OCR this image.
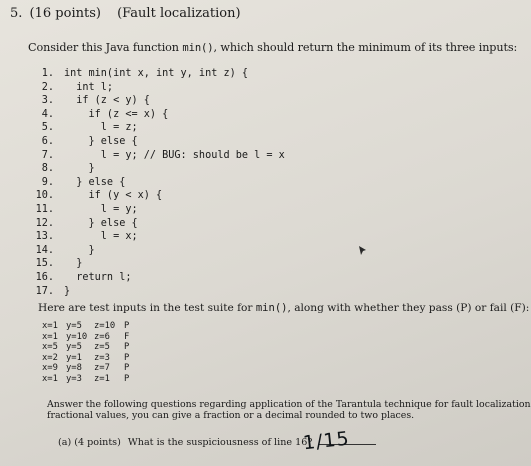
5. (16 points) (Fault localization)
Consider this Java function min(), which should return the minimum of its three inputs:
1. int min(int x, int y, int z) {
2. int l;
3. if (z < y) {
4. if (z <= x) {
5. l = z;
6. } else {
7. l = y; // BUG: should be l = x
8. }
9. } else {
10. if (y < x) {
11. l = y;
12. } else {
13. l = x;
14. }
15. }
16. return l;
17. }
Here are test inputs in the test suite for min(), along with whether they pass (P) or fail (F):
x=1 y=5	z=10	P
x=1 y=10 z=6	F
x=5 y=5	z=5	P
x=2 y=1	z=3	P
x=9 y=8	z=7	P
x=1 y=3	z=1	P
Answer the following questions regarding application of the Tarantula technique for fault localization
fractional values, you can give a fraction or a decimal rounded to two places.
(a) (4 points) What is the suspiciousness of line 16?
1/15
